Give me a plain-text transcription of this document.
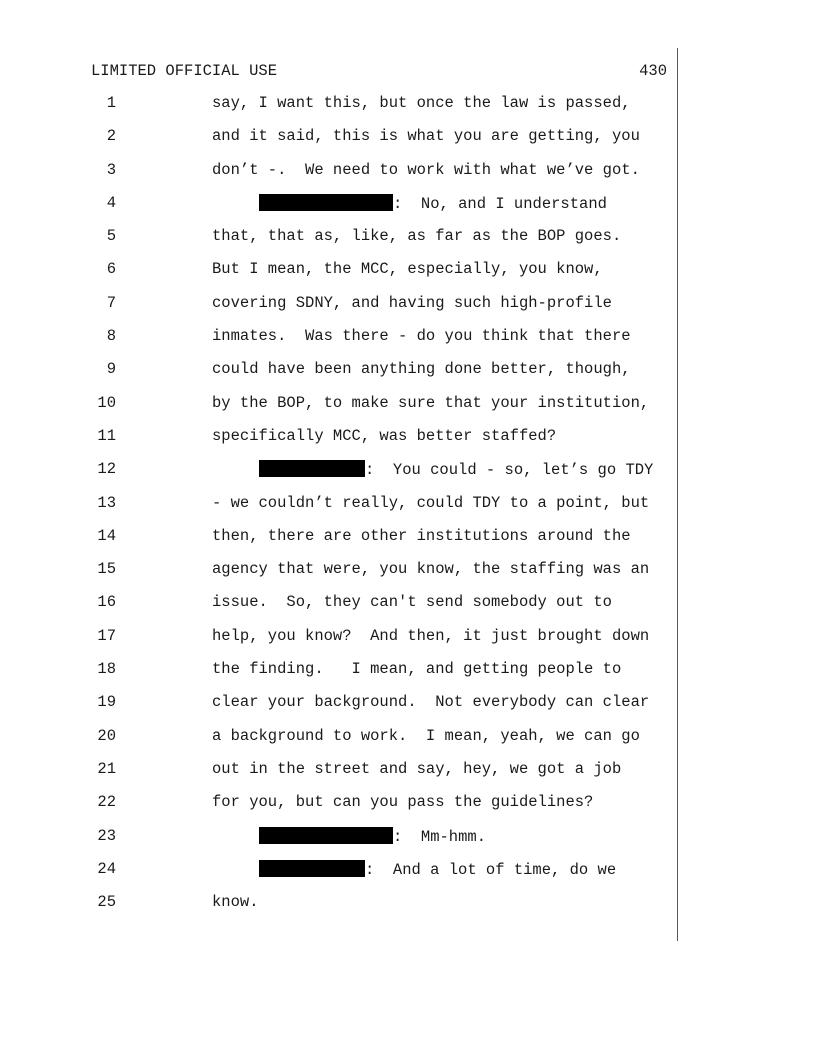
LIMITED OFFICIAL USE	430
1	say, I want this, but once the law is passed,
2	and it said, this is what you are getting, you
3	don’t -.  We need to work with what we’ve got.
4	:  No, and I understand
5	that, that as, like, as far as the BOP goes.
6	But I mean, the MCC, especially, you know,
7	covering SDNY, and having such high-profile
8	inmates.  Was there - do you think that there
9	could have been anything done better, though,
10	by the BOP, to make sure that your institution,
11	specifically MCC, was better staffed?
12	:  You could - so, let’s go TDY
13	- we couldn’t really, could TDY to a point, but
14	then, there are other institutions around the
15	agency that were, you know, the staffing was an
16	issue.  So, they can't send somebody out to
17	help, you know?  And then, it just brought down
18	the finding.   I mean, and getting people to
19	clear your background.  Not everybody can clear
20	a background to work.  I mean, yeah, we can go
21	out in the street and say, hey, we got a job
22	for you, but can you pass the guidelines?
23	:  Mm-hmm.
24	:  And a lot of time, do we
25	know.
